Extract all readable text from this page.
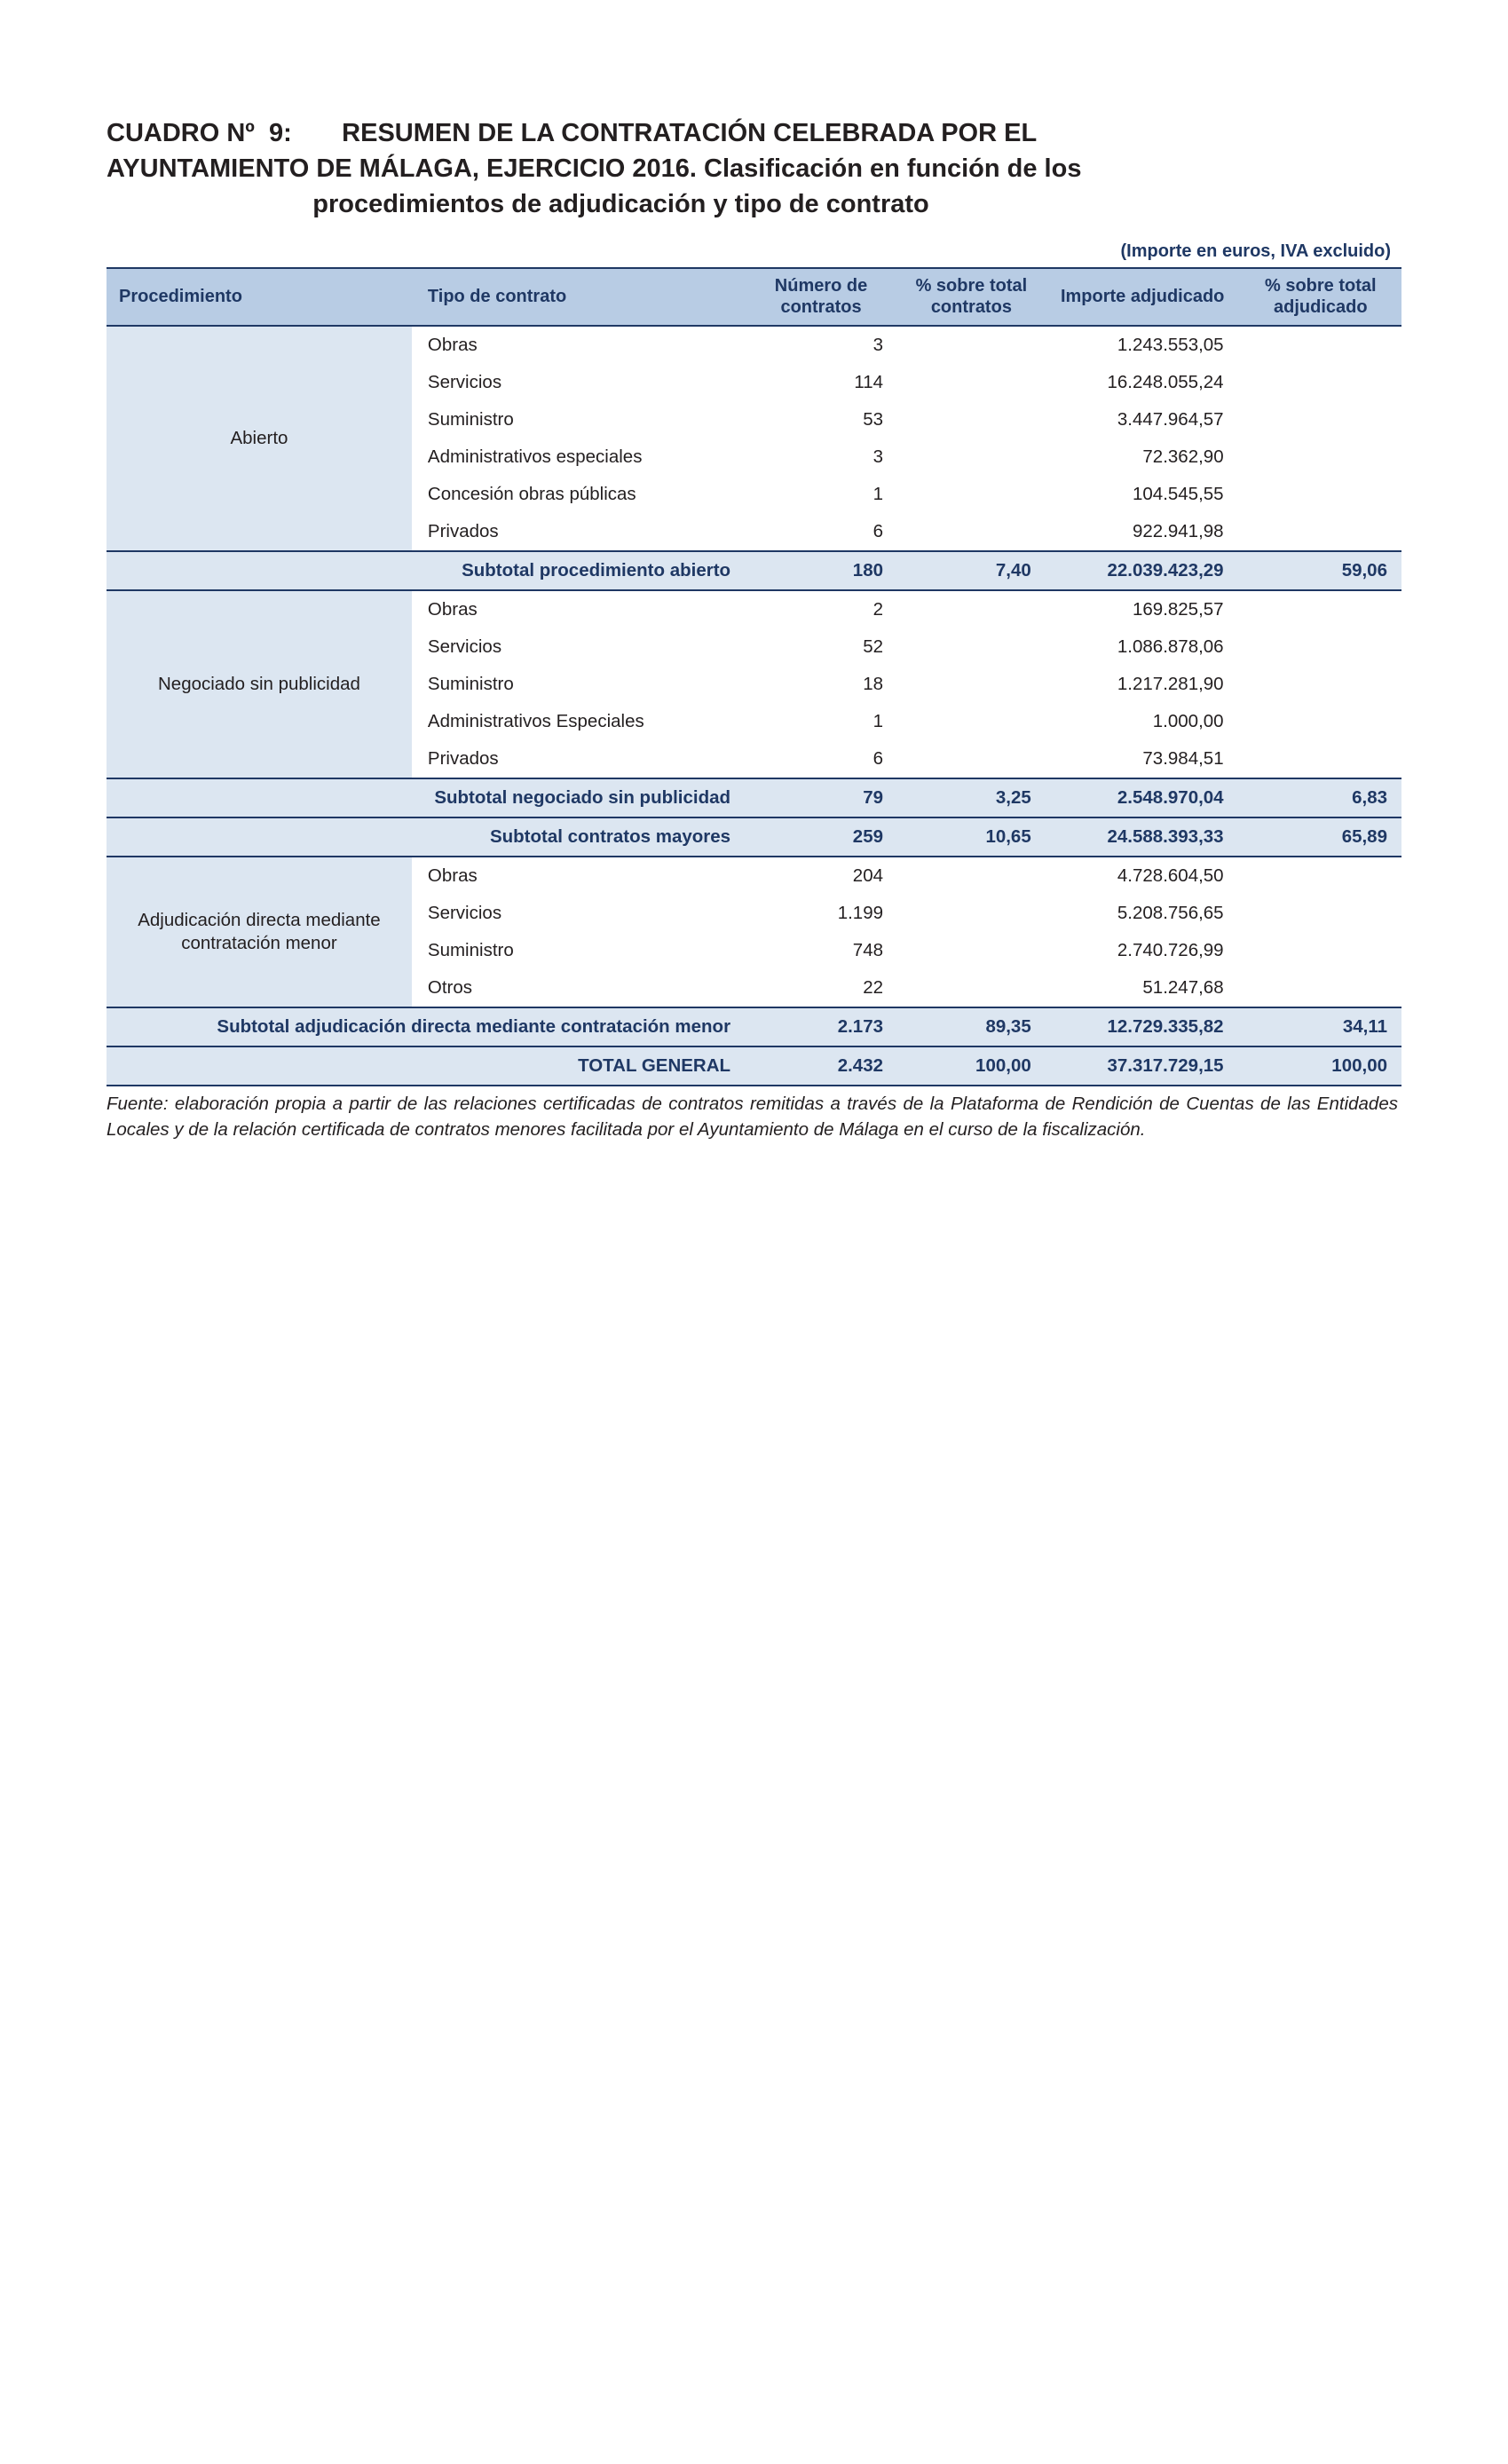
CUADRO Nº  9:       RESUMEN DE LA CONTRATACIÓN CELEBRADA POR EL
AYUNTAMIENTO DE MÁLAGA, EJERCICIO 2016. Clasificación en función de los
procedimientos de adjudicación y tipo de contrato
(Importe en euros, IVA excluido)
Procedimiento	Tipo de contrato	Número de contratos	% sobre total contratos	Importe adjudicado	% sobre total adjudicado
Abierto	Obras	3		1.243.553,05	
	Servicios	114		16.248.055,24	
	Suministro	53		3.447.964,57	
	Administrativos especiales	3		72.362,90	
	Concesión obras públicas	1		104.545,55	
	Privados	6		922.941,98	
Subtotal procedimiento abierto		180	7,40	22.039.423,29	59,06
Negociado sin publicidad	Obras	2		169.825,57	
	Servicios	52		1.086.878,06	
	Suministro	18		1.217.281,90	
	Administrativos Especiales	1		1.000,00	
	Privados	6		73.984,51	
Subtotal negociado sin publicidad		79	3,25	2.548.970,04	6,83
Subtotal contratos mayores		259	10,65	24.588.393,33	65,89
Adjudicación directa mediante contratación menor	Obras	204		4.728.604,50	
	Servicios	1.199		5.208.756,65	
	Suministro	748		2.740.726,99	
	Otros	22		51.247,68	
Subtotal adjudicación directa mediante contratación menor		2.173	89,35	12.729.335,82	34,11
TOTAL GENERAL		2.432	100,00	37.317.729,15	100,00
Fuente: elaboración propia a partir de las relaciones certificadas de contratos remitidas a través de la Plataforma de Rendición de Cuentas de las Entidades Locales y de la relación certificada de contratos menores facilitada por el Ayuntamiento de Málaga en el curso de la fiscalización.
